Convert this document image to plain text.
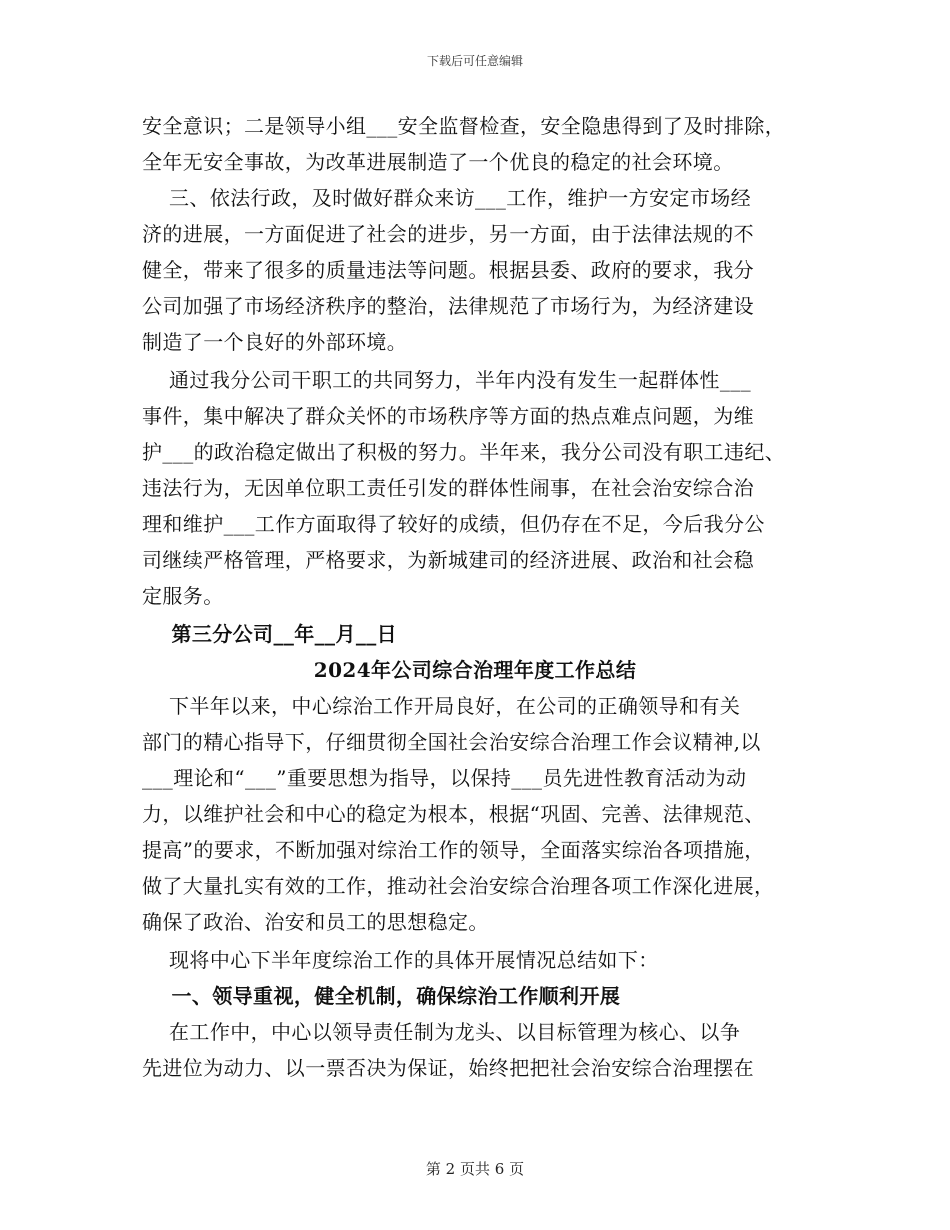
下载后可任意编辑
安全意识；二是领导小组___安全监督检查，安全隐患得到了及时排除，
全年无安全事故，为改革进展制造了一个优良的稳定的社会环境。
三、依法行政，及时做好群众来访___工作，维护一方安定市场经
济的进展，一方面促进了社会的进步，另一方面，由于法律法规的不
健全，带来了很多的质量违法等问题。根据县委、政府的要求，我分
公司加强了市场经济秩序的整治，法律规范了市场行为，为经济建设
制造了一个良好的外部环境。
通过我分公司干职工的共同努力，半年内没有发生一起群体性___
事件，集中解决了群众关怀的市场秩序等方面的热点难点问题，为维
护___的政治稳定做出了积极的努力。半年来，我分公司没有职工违纪、
违法行为，无因单位职工责任引发的群体性闹事，在社会治安综合治
理和维护___工作方面取得了较好的成绩，但仍存在不足，今后我分公
司继续严格管理，严格要求，为新城建司的经济进展、政治和社会稳
定服务。
第三分公司__年__月__日
2024年公司综合治理年度工作总结
下半年以来，中心综治工作开局良好，在公司的正确领导和有关
部门的精心指导下，仔细贯彻全国社会治安综合治理工作会议精神,以
___理论和“___”重要思想为指导，以保持___员先进性教育活动为动
力，以维护社会和中心的稳定为根本，根据“巩固、完善、法律规范、
提高”的要求，不断加强对综治工作的领导，全面落实综治各项措施，
做了大量扎实有效的工作，推动社会治安综合治理各项工作深化进展，
确保了政治、治安和员工的思想稳定。
现将中心下半年度综治工作的具体开展情况总结如下：
一、领导重视，健全机制，确保综治工作顺利开展
在工作中，中心以领导责任制为龙头、以目标管理为核心、以争
先进位为动力、以一票否决为保证，始终把把社会治安综合治理摆在
第 2 页共 6 页
